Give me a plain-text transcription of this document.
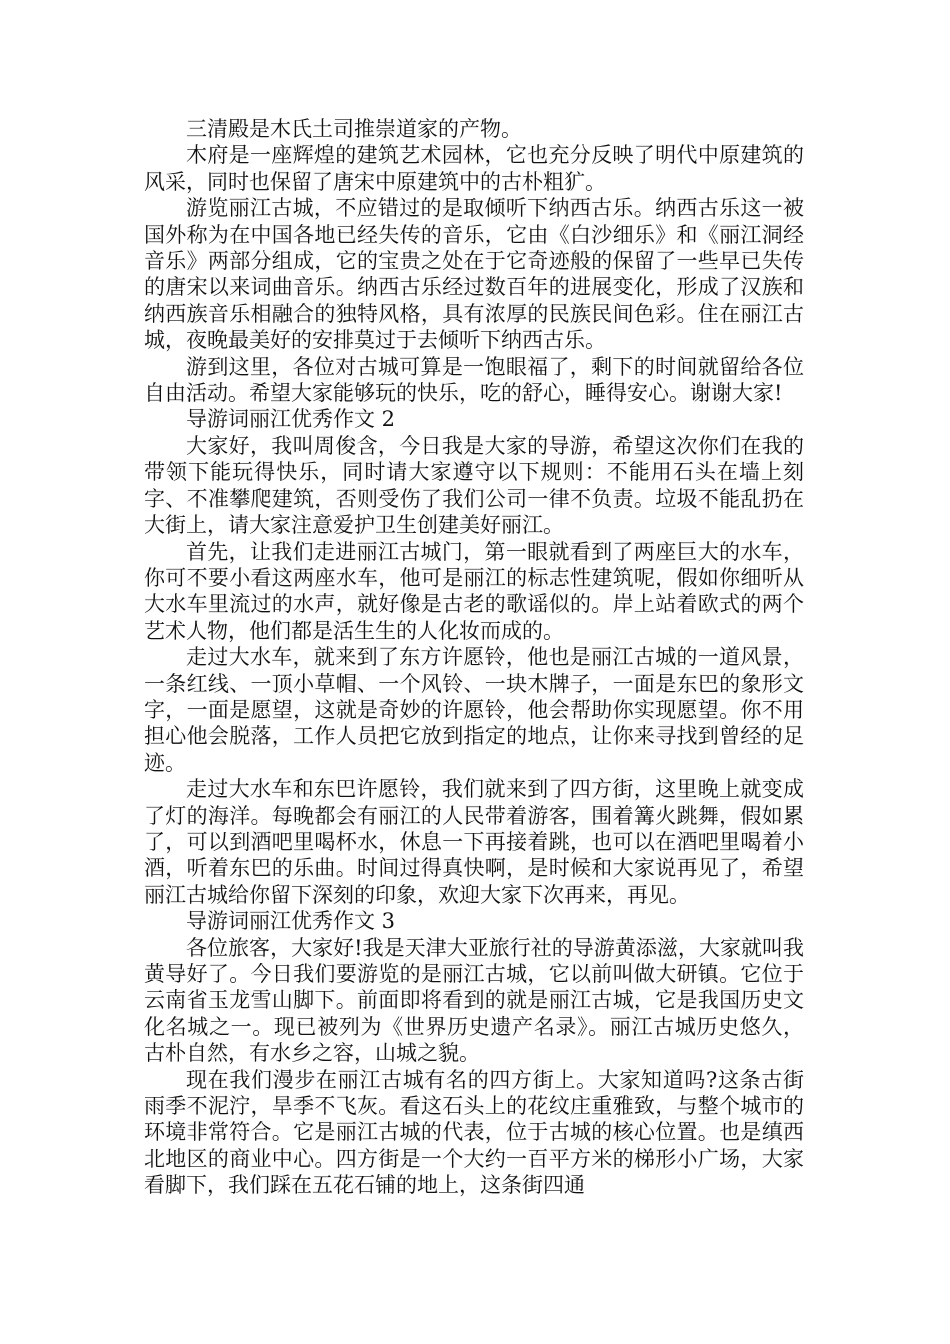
三清殿是木氏土司推崇道家的产物。

木府是一座辉煌的建筑艺术园林，它也充分反映了明代中原建筑的风采，同时也保留了唐宋中原建筑中的古朴粗犷。

游览丽江古城，不应错过的是取倾听下纳西古乐。纳西古乐这一被国外称为在中国各地已经失传的音乐，它由《白沙细乐》和《丽江洞经音乐》两部分组成，它的宝贵之处在于它奇迹般的保留了一些早已失传的唐宋以来词曲音乐。纳西古乐经过数百年的进展变化，形成了汉族和纳西族音乐相融合的独特风格，具有浓厚的民族民间色彩。住在丽江古城，夜晚最美好的安排莫过于去倾听下纳西古乐。

游到这里，各位对古城可算是一饱眼福了，剩下的时间就留给各位自由活动。希望大家能够玩的快乐，吃的舒心，睡得安心。谢谢大家!

导游词丽江优秀作文 2

大家好，我叫周俊含，今日我是大家的导游，希望这次你们在我的带领下能玩得快乐，同时请大家遵守以下规则：不能用石头在墙上刻字、不准攀爬建筑，否则受伤了我们公司一律不负责。垃圾不能乱扔在大街上，请大家注意爱护卫生创建美好丽江。

首先，让我们走进丽江古城门，第一眼就看到了两座巨大的水车，你可不要小看这两座水车，他可是丽江的标志性建筑呢，假如你细听从大水车里流过的水声，就好像是古老的歌谣似的。岸上站着欧式的两个艺术人物，他们都是活生生的人化妆而成的。

走过大水车，就来到了东方许愿铃，他也是丽江古城的一道风景，一条红线、一顶小草帽、一个风铃、一块木牌子，一面是东巴的象形文字，一面是愿望，这就是奇妙的许愿铃，他会帮助你实现愿望。你不用担心他会脱落，工作人员把它放到指定的地点，让你来寻找到曾经的足迹。

走过大水车和东巴许愿铃，我们就来到了四方街，这里晚上就变成了灯的海洋。每晚都会有丽江的人民带着游客，围着篝火跳舞，假如累了，可以到酒吧里喝杯水，休息一下再接着跳，也可以在酒吧里喝着小酒，听着东巴的乐曲。时间过得真快啊，是时候和大家说再见了，希望丽江古城给你留下深刻的印象，欢迎大家下次再来，再见。

导游词丽江优秀作文 3

各位旅客，大家好!我是天津大亚旅行社的导游黄添滋，大家就叫我黄导好了。今日我们要游览的是丽江古城，它以前叫做大研镇。它位于云南省玉龙雪山脚下。前面即将看到的就是丽江古城，它是我国历史文化名城之一。现已被列为《世界历史遗产名录》。丽江古城历史悠久，古朴自然，有水乡之容，山城之貌。

现在我们漫步在丽江古城有名的四方街上。大家知道吗?这条古街雨季不泥泞，旱季不飞灰。看这石头上的花纹庄重雅致，与整个城市的环境非常符合。它是丽江古城的代表，位于古城的核心位置。也是缜西北地区的商业中心。四方街是一个大约一百平方米的梯形小广场，大家看脚下，我们踩在五花石铺的地上，这条街四通
